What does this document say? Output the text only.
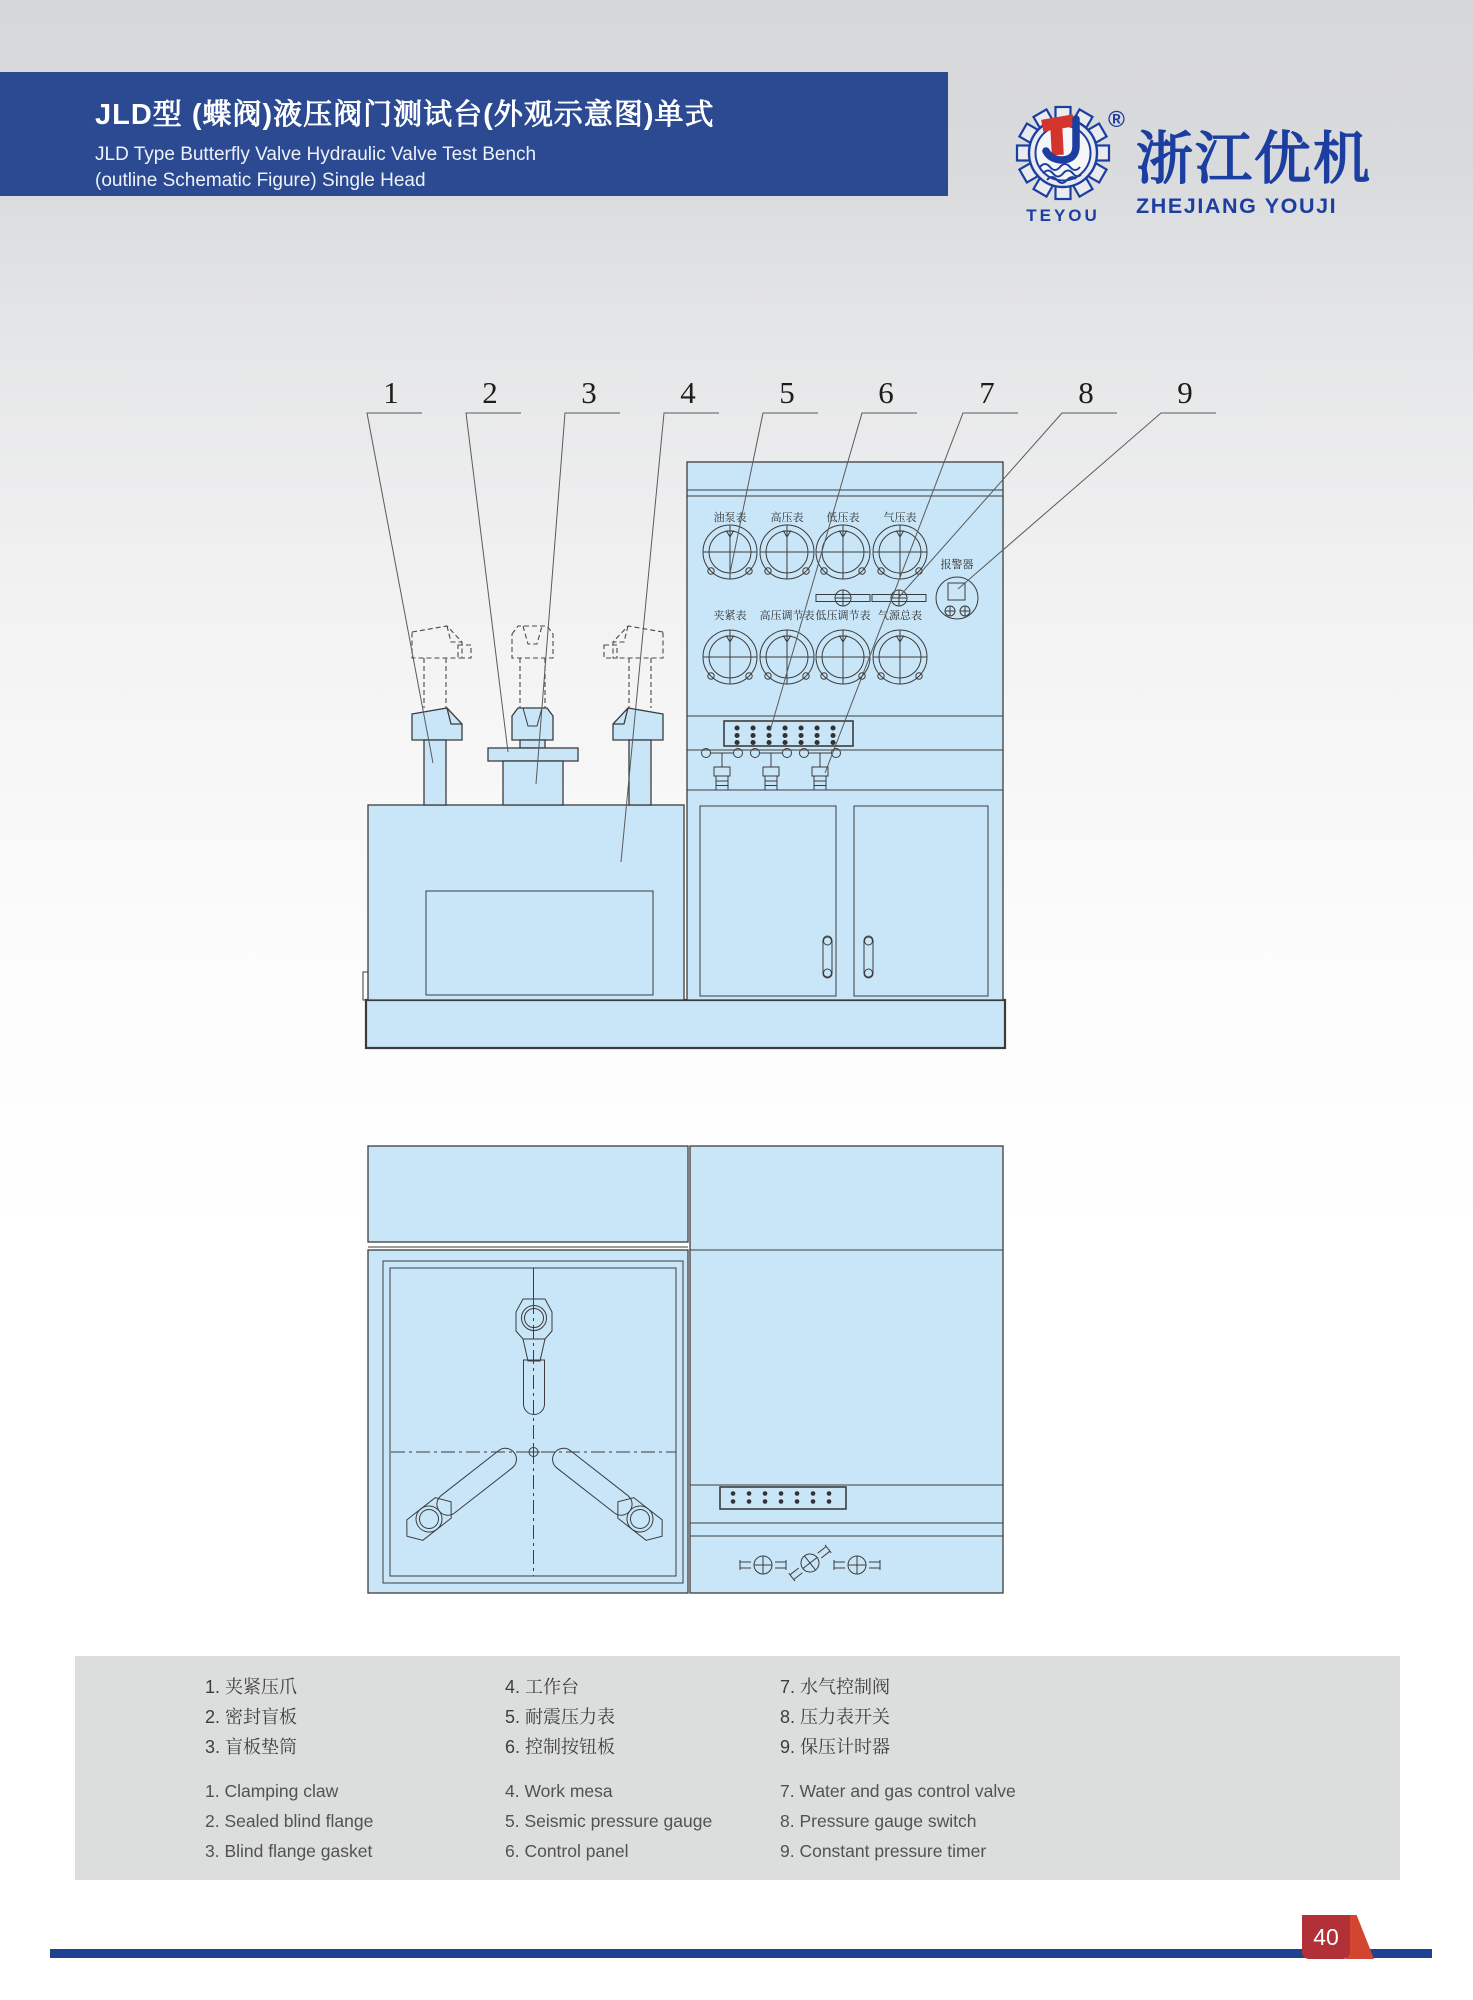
JLD型 (蝶阀)液压阀门测试台(外观示意图)单式
JLD Type Butterfly Valve Hydraulic Valve Test Bench
(outline Schematic Figure) Single Head
®
TEYOU
浙江优机
ZHEJIANG YOUJI
油泵表 高压表 低压表 气压表
报警器
夹紧表 高压调节表 低压调节表 气源总表
1	2	3	4	5	6	7	8	9
1. 夹紧压爪
2. 密封盲板
3. 盲板垫筒
4. 工作台
5. 耐震压力表
6. 控制按钮板
7. 水气控制阀
8. 压力表开关
9. 保压计时器
1. Clamping claw
2. Sealed blind flange
3. Blind flange gasket
4. Work mesa
5. Seismic pressure gauge
6. Control panel
7. Water and gas control valve
8. Pressure gauge switch
9. Constant pressure timer
40
